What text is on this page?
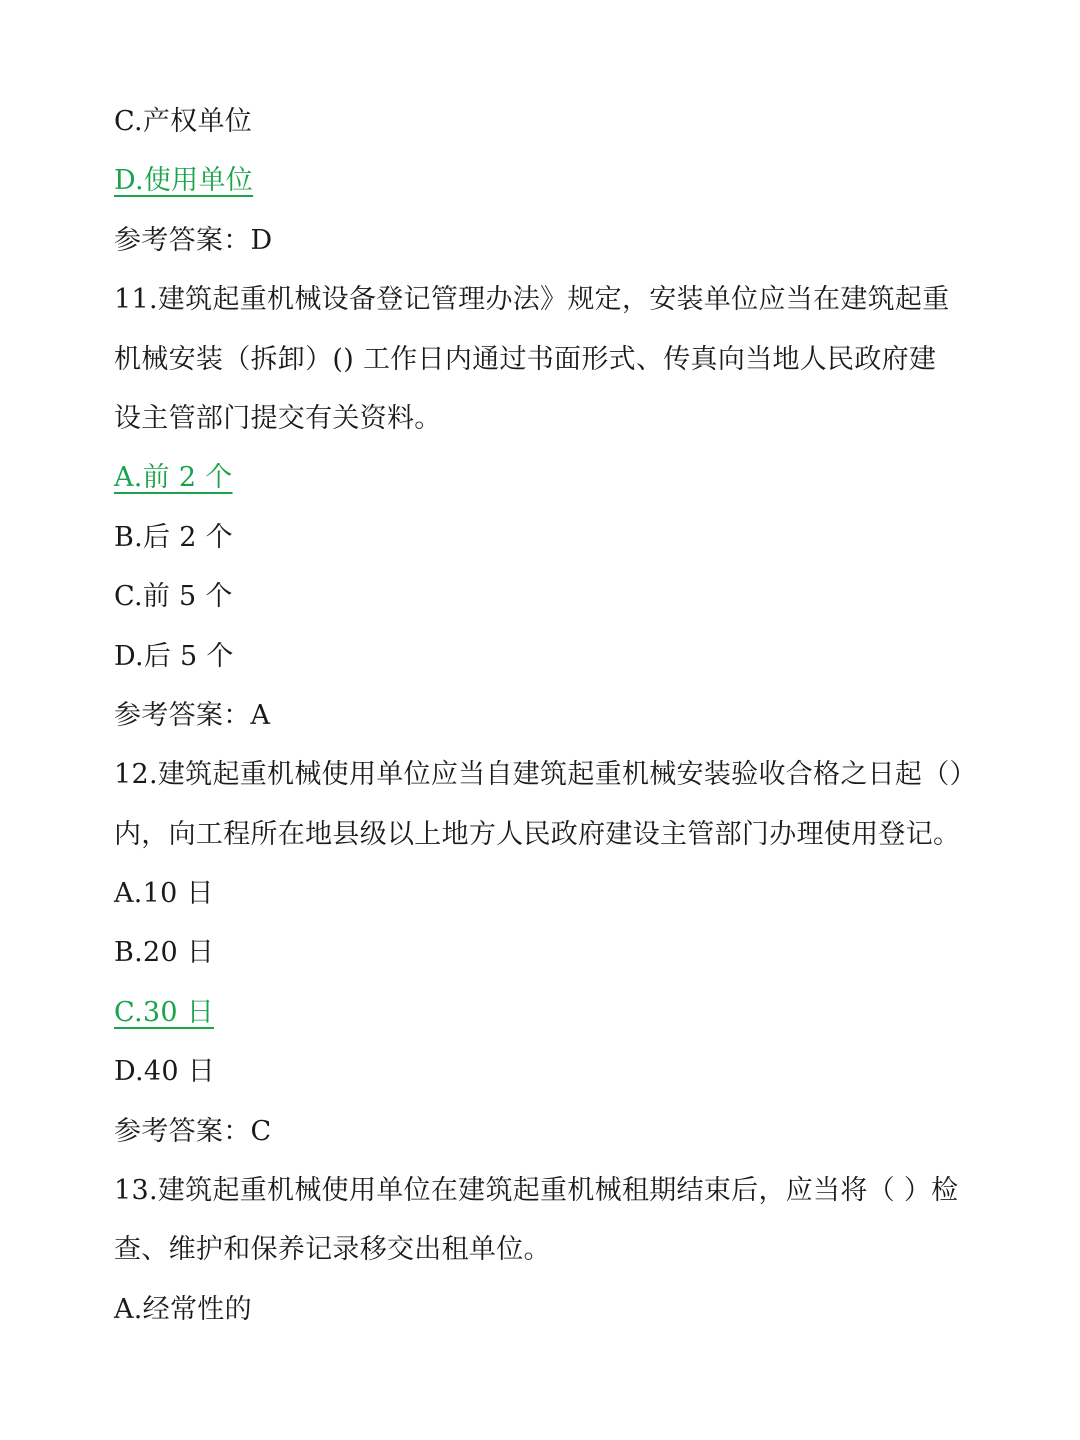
C.产权单位
D.使用单位
参考答案：D
11.建筑起重机械设备登记管理办法》规定，安装单位应当在建筑起重
机械安装（拆卸）() 工作日内通过书面形式、传真向当地人民政府建
设主管部门提交有关资料。
A.前 2 个
B.后 2 个
C.前 5 个
D.后 5 个
参考答案：A
12.建筑起重机械使用单位应当自建筑起重机械安装验收合格之日起（）
内，向工程所在地县级以上地方人民政府建设主管部门办理使用登记。
A.10 日
B.20 日
C.30 日
D.40 日
参考答案：C
13.建筑起重机械使用单位在建筑起重机械租期结束后，应当将（ ）检
查、维护和保养记录移交出租单位。
A.经常性的
